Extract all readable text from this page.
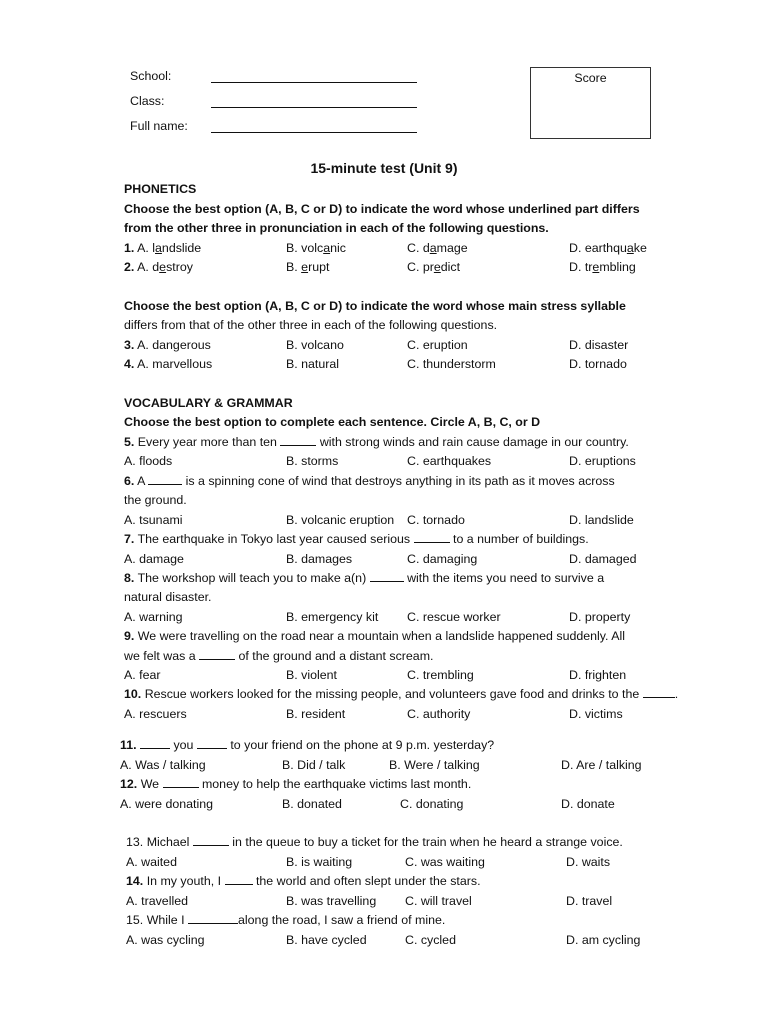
School:
Class:
Full name:
Score
15-minute test (Unit 9)
PHONETICS
Choose the best option (A, B, C or D) to indicate the word whose underlined part differs
from the other three in pronunciation in each of the following questions.
1. A. landslide	B. volcanic	C. damage	D. earthquake
2. A. destroy	B. erupt	C. predict	D. trembling
Choose the best option (A, B, C or D) to indicate the word whose main stress syllable
differs from that of the other three in each of the following questions.
3. A. dangerous	B. volcano	C. eruption	D. disaster
4. A. marvellous	B. natural	C. thunderstorm	D. tornado
VOCABULARY & GRAMMAR
Choose the best option to complete each sentence. Circle A, B, C, or D
5. Every year more than ten	with strong winds and rain cause damage in our country.
A. floods	B. storms	C. earthquakes	D. eruptions
6. A	is a spinning cone of wind that destroys anything in its path as it moves across
the ground.
A. tsunami	B. volcanic eruption C. tornado	D. landslide
7. The earthquake in Tokyo last year caused serious	to a number of buildings.
A. damage	B. damages	C. damaging	D. damaged
8. The workshop will teach you to make a(n)	with the items you need to survive a
natural disaster.
A. warning	B. emergency kit C. rescue worker	D. property
9. We were travelling on the road near a mountain when a landslide happened suddenly. All
we felt was a	of the ground and a distant scream.
A. fear	B. violent	C. trembling	D. frighten
10. Rescue workers looked for the missing people, and volunteers gave food and drinks to the	.
A. rescuers	B. resident	C. authority	D. victims
11.	you	to your friend on the phone at 9 p.m. yesterday?
A. Was / talking	B. Did / talk	B. Were / talking	D. Are / talking
12. We	money to help the earthquake victims last month.
A. were donating	B. donated	C. donating	D. donate
13. Michael	in the queue to buy a ticket for the train when he heard a strange voice.
A. waited	B. is waiting	C. was waiting	D. waits
14. In my youth, I	the world and often slept under the stars.
A. travelled	B. was travelling C. will travel	D. travel
15. While I	along the road, I saw a friend of mine.
A. was cycling	B. have cycled	C. cycled	D. am cycling
